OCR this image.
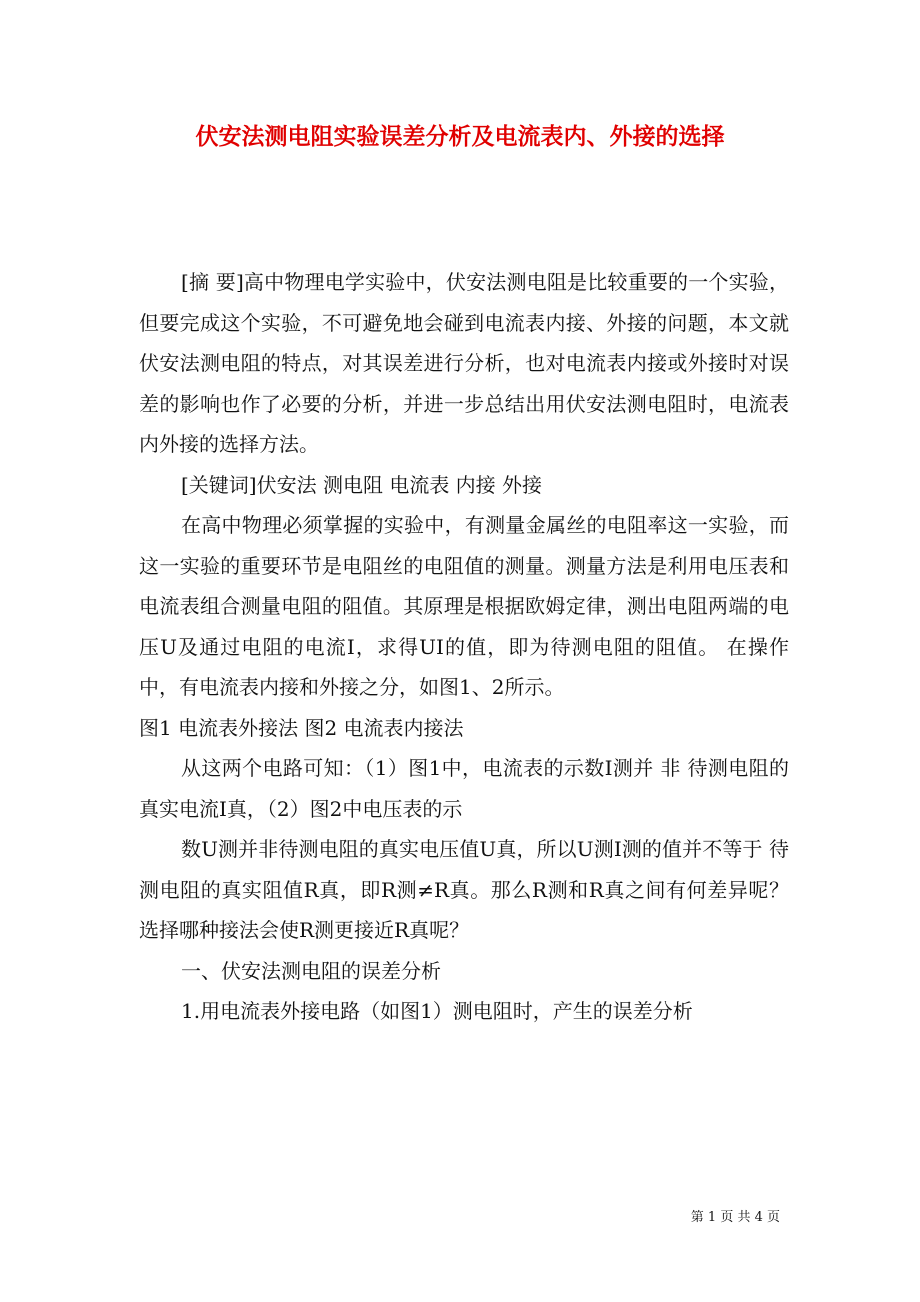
伏安法测电阻实验误差分析及电流表内、外接的选择

[摘 要]高中物理电学实验中，伏安法测电阻是比较重要的一个实验，但要完成这个实验，不可避免地会碰到电流表内接、外接的问题，本文就伏安法测电阻的特点，对其误差进行分析，也对电流表内接或外接时对误差的影响也作了必要的分析，并进一步总结出用伏安法测电阻时，电流表内外接的选择方法。

[关键词]伏安法 测电阻 电流表 内接 外接

在高中物理必须掌握的实验中，有测量金属丝的电阻率这一实验，而这一实验的重要环节是电阻丝的电阻值的测量。测量方法是利用电压表和电流表组合测量电阻的阻值。其原理是根据欧姆定律，测出电阻两端的电压U及通过电阻的电流I，求得UI的值，即为待测电阻的阻值。 在操作中，有电流表内接和外接之分，如图1、2所示。

图1 电流表外接法 图2 电流表内接法

从这两个电路可知：（1）图1中，电流表的示数I测并 非 待测电阻的真实电流I真，（2）图2中电压表的示

数U测并非待测电阻的真实电压值U真，所以U测I测的值并不等于 待测电阻的真实阻值R真，即R测≠R真。那么R测和R真之间有何差异呢？选择哪种接法会使R测更接近R真呢？

一、伏安法测电阻的误差分析

1.用电流表外接电路（如图1）测电阻时，产生的误差分析

第 1 页 共 4 页
